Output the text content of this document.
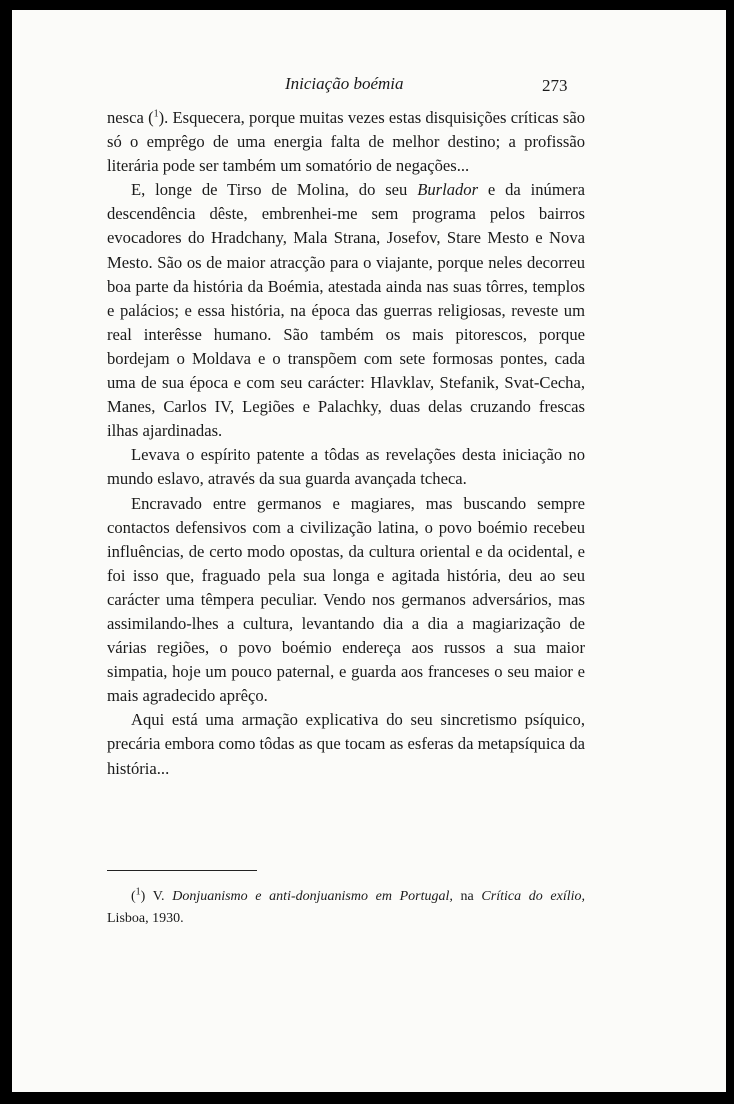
Iniciação boémia	273

nesca ($^1$). Esquecera, porque muitas vezes estas disquisições críticas são só o emprêgo de uma energia falta de melhor destino; a profissão literária pode ser também um somatório de negações...

E, longe de Tirso de Molina, do seu Burlador e da inúmera descendência dêste, embrenhei-me sem programa pelos bairros evocadores do Hradchany, Mala Strana, Josefov, Stare Mesto e Nova Mesto. São os de maior atracção para o viajante, porque neles decorreu boa parte da história da Boémia, atestada ainda nas suas tôrres, templos e palácios; e essa história, na época das guerras religiosas, reveste um real interêsse humano. São também os mais pitorescos, porque bordejam o Moldava e o transpõem com sete formosas pontes, cada uma de sua época e com seu carácter: Hlavklav, Stefanik, Svat-Cecha, Manes, Carlos IV, Legiões e Palachky, duas delas cruzando frescas ilhas ajardinadas.

Levava o espírito patente a tôdas as revelações desta iniciação no mundo eslavo, através da sua guarda avançada tcheca.

Encravado entre germanos e magiares, mas buscando sempre contactos defensivos com a civilização latina, o povo boémio recebeu influências, de certo modo opostas, da cultura oriental e da ocidental, e foi isso que, fraguado pela sua longa e agitada história, deu ao seu carácter uma têmpera peculiar. Vendo nos germanos adversários, mas assimilando-lhes a cultura, levantando dia a dia a magiarização de várias regiões, o povo boémio endereça aos russos a sua maior simpatia, hoje um pouco paternal, e guarda aos franceses o seu maior e mais agradecido aprêço.

Aqui está uma armação explicativa do seu sincretismo psíquico, precária embora como tôdas as que tocam as esferas da metapsíquica da história...

($^1$) V. Donjuanismo e anti-donjuanismo em Portugal, na Crítica do exílio, Lisboa, 1930.
